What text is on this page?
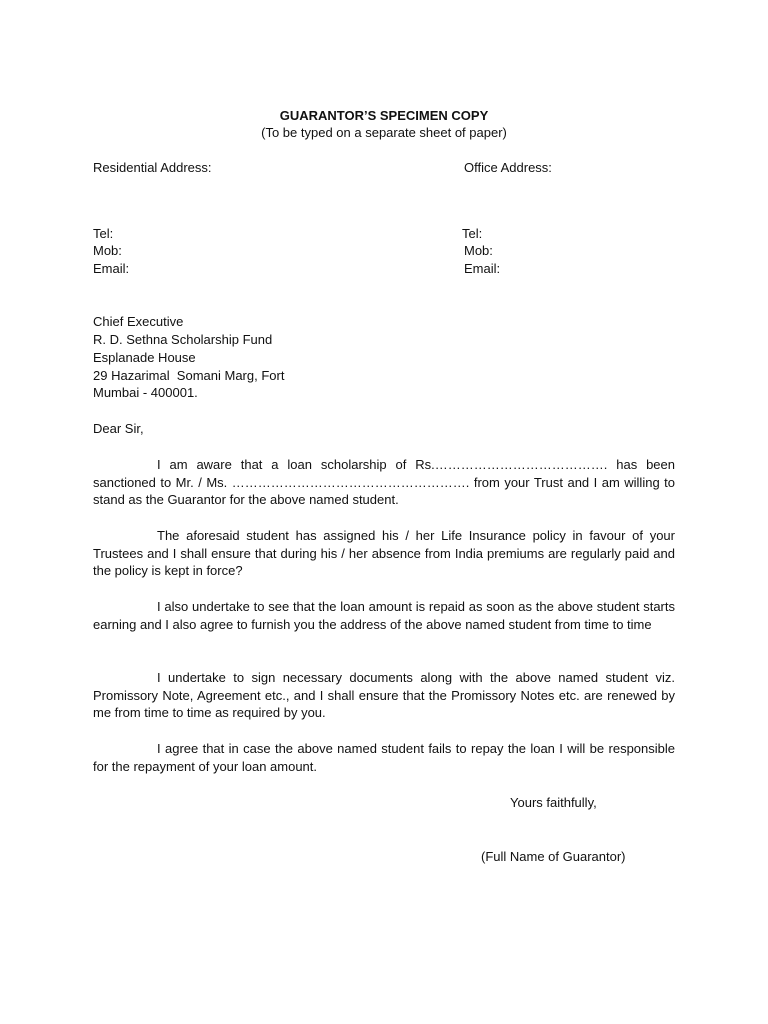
GUARANTOR’S SPECIMEN COPY
(To be typed on a separate sheet of paper)
Residential Address:
Tel:
Mob:
Email:
Office Address:
Tel:
Mob:
Email:
Chief Executive
R. D. Sethna Scholarship Fund
Esplanade House
29 Hazarimal  Somani Marg, Fort
Mumbai - 400001.
Dear Sir,
I am aware that a loan scholarship of Rs.…………………………………. has been sanctioned to Mr. / Ms. ………………………………………………. from your Trust and I am willing to stand as the Guarantor for the above named student.
The aforesaid student has assigned his / her Life Insurance policy in favour of your Trustees and I shall ensure that during his / her absence from India premiums are regularly paid and the policy is kept in force?
I also undertake to see that the loan amount is repaid as soon as the above student starts earning and I also agree to furnish you the address of the above named student from time to time
I undertake to sign necessary documents along with the above named student viz. Promissory Note, Agreement etc., and I shall ensure that the Promissory Notes etc. are renewed by me from time to time as required by you.
I agree that in case the above named student fails to repay the loan I will be responsible for the repayment of your loan amount.
Yours faithfully,
(Full Name of Guarantor)
